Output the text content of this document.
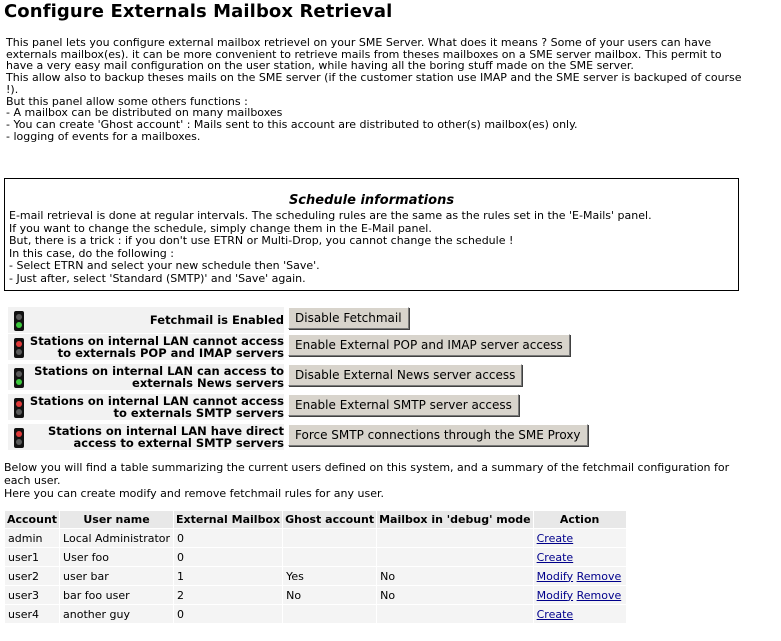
Configure Externals Mailbox Retrieval
This panel lets you configure external mailbox retrievel on your SME Server. What does it means ? Some of your users can have
externals mailbox(es). it can be more convenient to retrieve mails from theses mailboxes on a SME server mailbox. This permit to
have a very easy mail configuration on the user station, while having all the boring stuff made on the SME server.
This allow also to backup theses mails on the SME server (if the customer station use IMAP and the SME server is backuped of course
!).
But this panel allow some others functions :
- A mailbox can be distributed on many mailboxes
- You can create 'Ghost account' : Mails sent to this account are distributed to other(s) mailbox(es) only.
- logging of events for a mailboxes.
Schedule informations
E-mail retrieval is done at regular intervals. The scheduling rules are the same as the rules set in the 'E-Mails' panel.
If you want to change the schedule, simply change them in the E-Mail panel.
But, there is a trick : if you don't use ETRN or Multi-Drop, you cannot change the schedule !
In this case, do the following :
- Select ETRN and select your new schedule then 'Save'.
- Just after, select 'Standard (SMTP)' and 'Save' again.
Fetchmail is Enabled Disable Fetchmail
Stations on internal LAN cannot access
to externals POP and IMAP servers
Enable External POP and IMAP server access
Stations on internal LAN can access to
externals News servers
Disable External News server access
Stations on internal LAN cannot access
to externals SMTP servers
Enable External SMTP server access
Stations on internal LAN have direct
access to external SMTP servers
Force SMTP connections through the SME Proxy
Below you will find a table summarizing the current users defined on this system, and a summary of the fetchmail configuration for
each user.
Here you can create modify and remove fetchmail rules for any user.
Account	User name	External Mailbox	Ghost account	Mailbox in 'debug' mode	Action
admin	Local Administrator	0			Create
user1	User foo	0			Create
user2	user bar	1	Yes	No	Modify Remove
user3	bar foo user	2	No	No	Modify Remove
user4	another guy	0			Create
